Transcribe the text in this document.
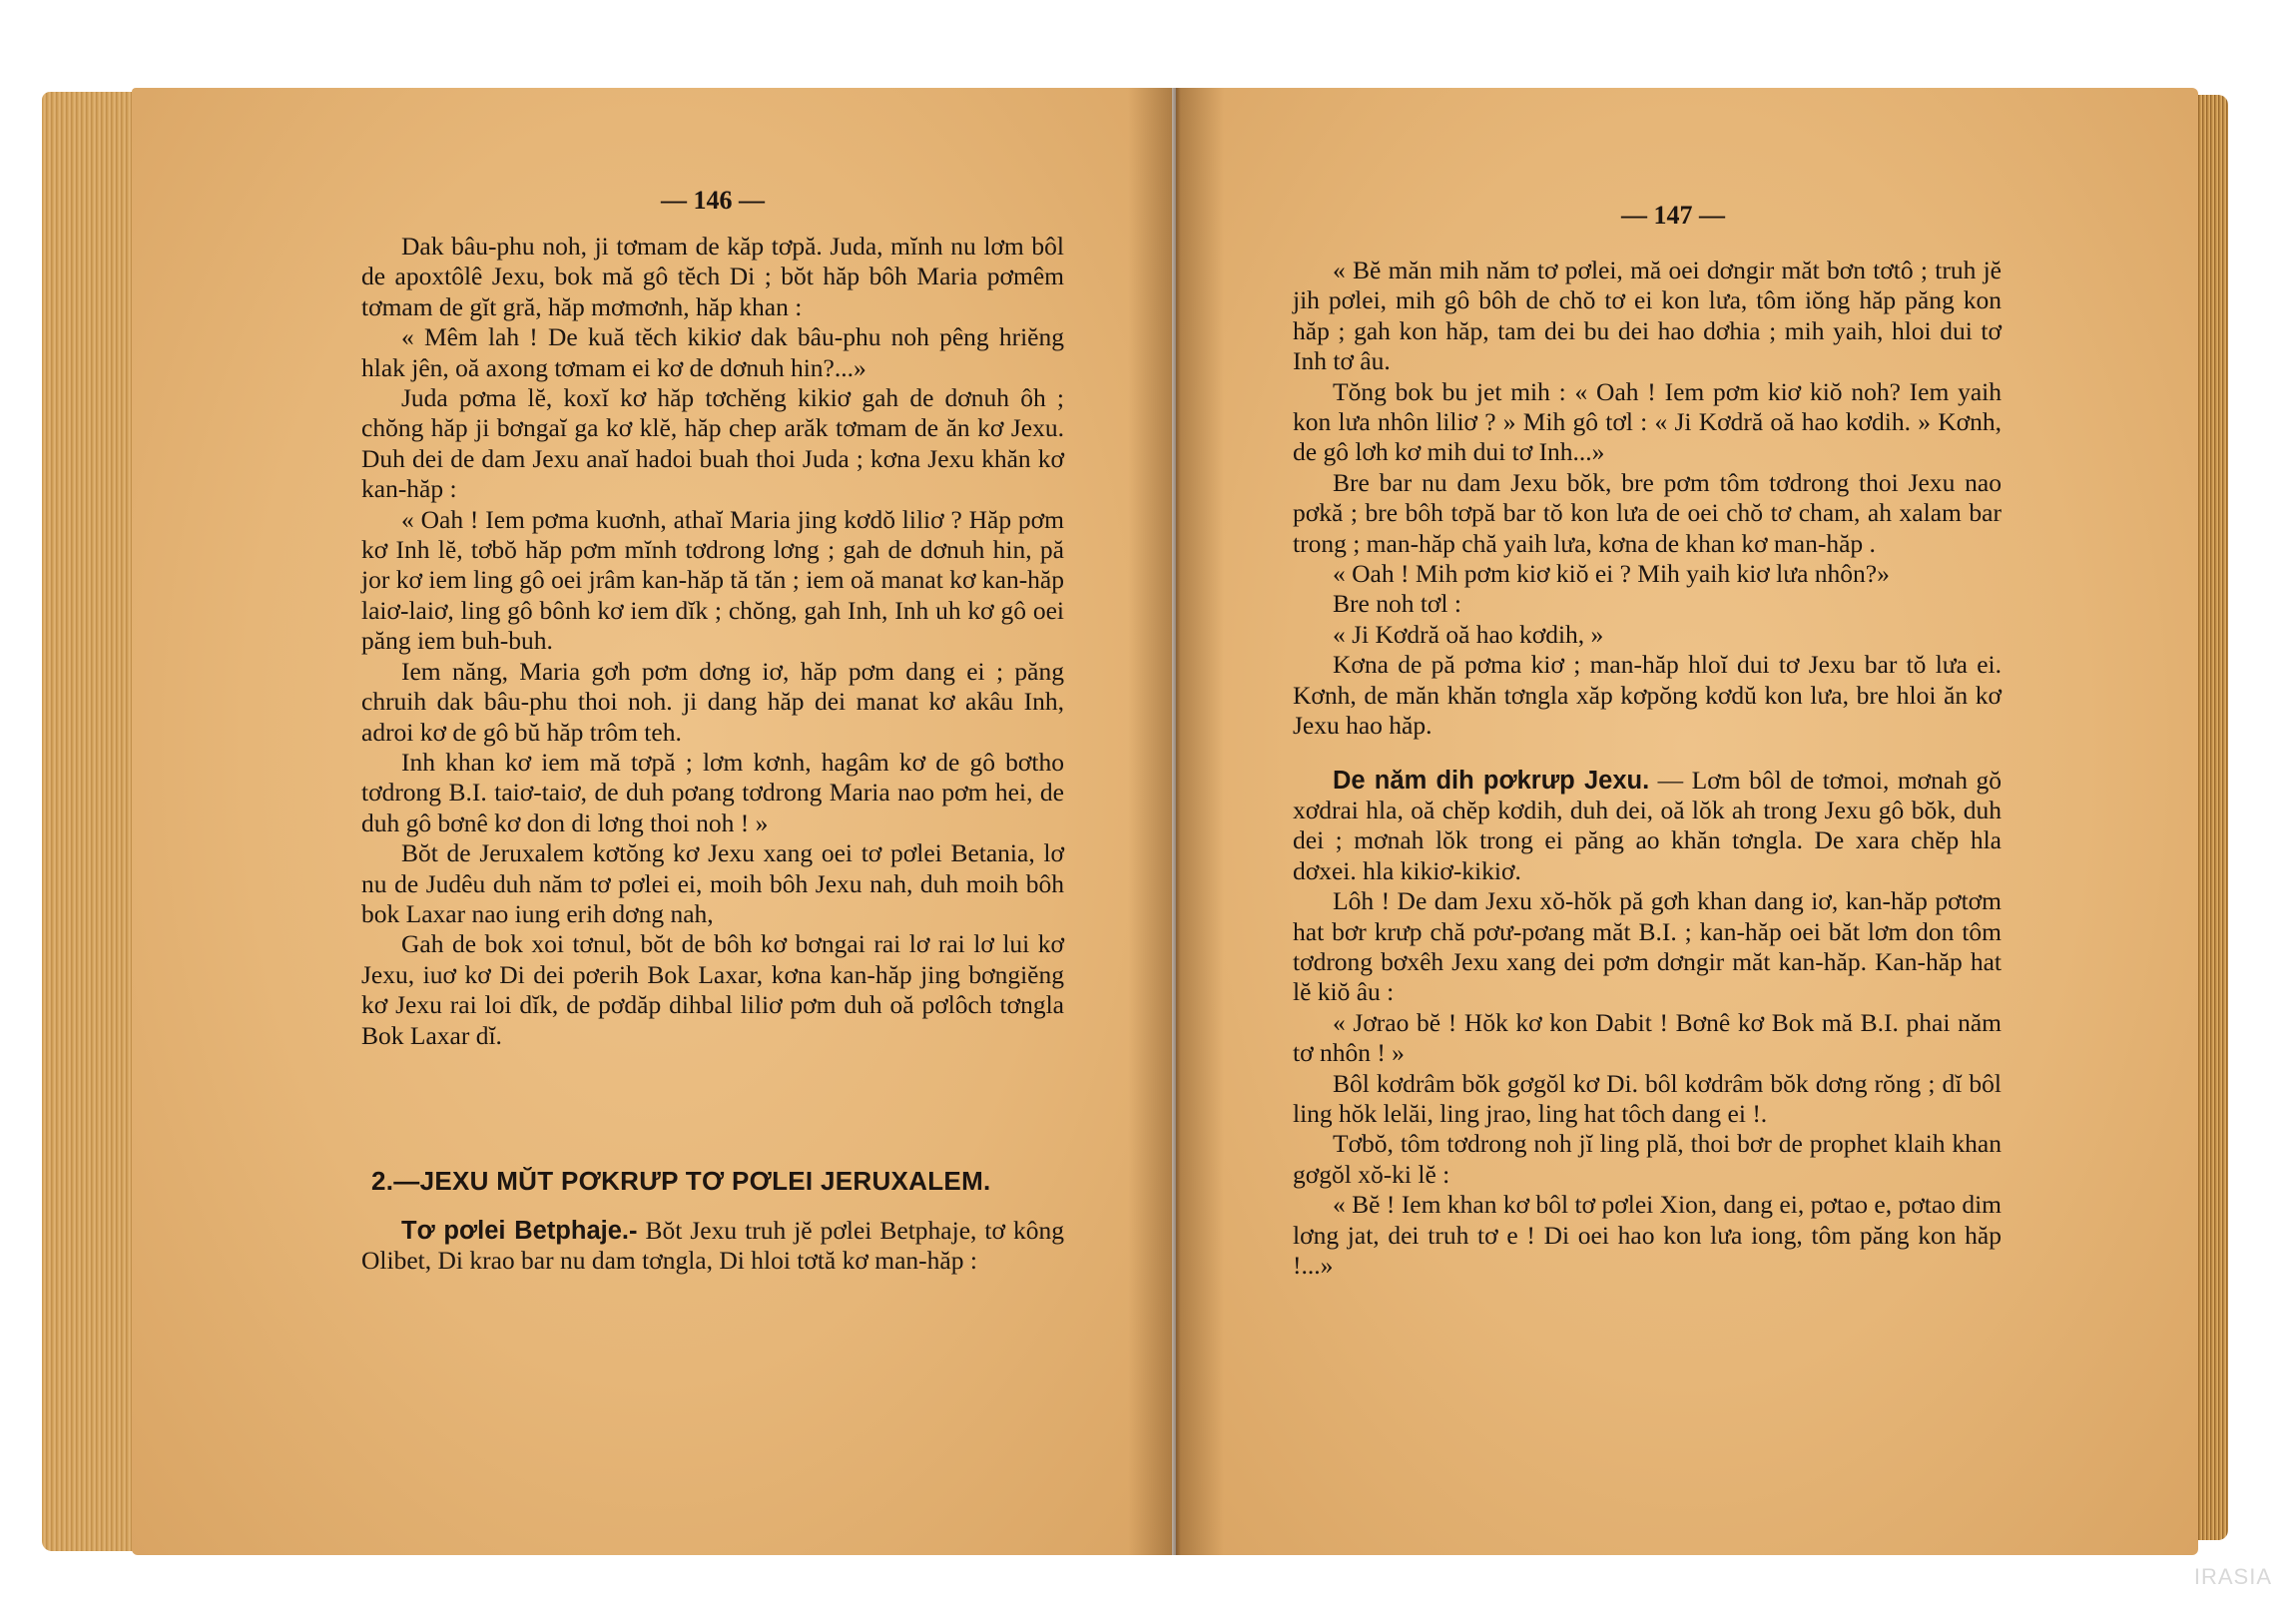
— 146 —

Dak bâu-phu noh, ji tơmam de kăp tơpă. Juda, mĭnh nu lơm bôl de apoxtôlê Jexu, bok mă gô tĕch Di ; bŏt hăp bôh Maria pơmêm tơmam de gĭt gră, hăp mơmơnh, hăp khan :

« Mêm lah ! De kuă tĕch kikiơ dak bâu-phu noh pêng hriĕng hlak jên, oă axong tơmam ei kơ de dơnuh hin?...»

Juda pơma lĕ, koxĭ kơ hăp tơchĕng kikiơ gah de dơnuh ôh ; chŏng hăp ji bơngaĭ ga kơ klĕ, hăp chep arăk tơmam de ăn kơ Jexu. Duh dei de dam Jexu anaĭ hadoi buah thoi Juda ; kơna Jexu khăn kơ kan-hăp :

« Oah ! Iem pơma kuơnh, athaĭ Maria jing kơdŏ liliơ ? Hăp pơm kơ Inh lĕ, tơbŏ hăp pơm mĭnh tơdrong lơng ; gah de dơnuh hin, pă jor kơ iem ling gô oei jrâm kan-hăp tă tăn ; iem oă manat kơ kan-hăp laiơ-laiơ, ling gô bônh kơ iem dĭk ; chŏng, gah Inh, Inh uh kơ gô oei păng iem buh-buh.

Iem năng, Maria gơh pơm dơng iơ, hăp pơm dang ei ; păng chruih dak bâu-phu thoi noh. ji dang hăp dei manat kơ akâu Inh, adroi kơ de gô bŭ hăp trôm teh.

Inh khan kơ iem mă tơpă ; lơm kơnh, hagâm kơ de gô bơtho tơdrong B.I. taiơ-taiơ, de duh pơang tơdrong Maria nao pơm hei, de duh gô bơnê kơ don di lơng thoi noh ! »

Bŏt de Jeruxalem kơtŏng kơ Jexu xang oei tơ pơlei Betania, lơ nu de Judêu duh năm tơ pơlei ei, moih bôh Jexu nah, duh moih bôh bok Laxar nao iung erih dơng nah,

Gah de bok xoi tơnul, bŏt de bôh kơ bơngai rai lơ rai lơ lui kơ Jexu, iuơ kơ Di dei pơerih Bok Laxar, kơna kan-hăp jing bơngiĕng kơ Jexu rai loi dĭk, de pơdăp dihbal liliơ pơm duh oă pơlôch tơngla Bok Laxar dĭ.

2.—JEXU MŬT PƠKRƯP TƠ PƠLEI JERUXALEM.

Tơ pơlei Betphaje.- Bŏt Jexu truh jĕ pơlei Betphaje, tơ kông Olibet, Di krao bar nu dam tơngla, Di hloi tơtă kơ man-hăp :

— 147 —

« Bĕ măn mih năm tơ pơlei, mă oei dơngir măt bơn tơtô ; truh jĕ jih pơlei, mih gô bôh de chŏ tơ ei kon lưa, tôm iŏng hăp păng kon hăp ; gah kon hăp, tam dei bu dei hao dơhia ; mih yaih, hloi dui tơ Inh tơ âu.

Tŏng bok bu jet mih : « Oah ! Iem pơm kiơ kiŏ noh? Iem yaih kon lưa nhôn liliơ ? » Mih gô tơl : « Ji Kơdră oă hao kơdih. » Kơnh, de gô lơh kơ mih dui tơ Inh...»

Bre bar nu dam Jexu bŏk, bre pơm tôm tơdrong thoi Jexu nao pơkă ; bre bôh tơpă bar tŏ kon lưa de oei chŏ tơ cham, ah xalam bar trong ; man-hăp chă yaih lưa, kơna de khan kơ man-hăp .

« Oah ! Mih pơm kiơ kiŏ ei ? Mih yaih kiơ lưa nhôn?»

Bre noh tơl :

« Ji Kơdră oă hao kơdih, »

Kơna de pă pơma kiơ ; man-hăp hloĭ dui tơ Jexu bar tŏ lưa ei. Kơnh, de măn khăn tơngla xăp kơpŏng kơdŭ kon lưa, bre hloi ăn kơ Jexu hao hăp.

De năm dih pơkrưp Jexu. — Lơm bôl de tơmoi, mơnah gŏ xơdrai hla, oă chĕp kơdih, duh dei, oă lŏk ah trong Jexu gô bŏk, duh dei ; mơnah lŏk trong ei păng ao khăn tơngla. De xara chĕp hla dơxei. hla kikiơ-kikiơ.

Lôh ! De dam Jexu xŏ-hŏk pă gơh khan dang iơ, kan-hăp pơtơm hat bơr krưp chă pơư-pơang măt B.I. ; kan-hăp oei băt lơm don tôm tơdrong bơxêh Jexu xang dei pơm dơngir măt kan-hăp. Kan-hăp hat lĕ kiŏ âu :

« Jơrao bĕ ! Hŏk kơ kon Dabit ! Bơnê kơ Bok mă B.I. phai năm tơ nhôn ! »

Bôl kơdrâm bŏk gơgŏl kơ Di. bôl kơdrâm bŏk dơng rŏng ; dĭ bôl ling hŏk lelăi, ling jrao, ling hat tôch dang ei !.

Tơbŏ, tôm tơdrong noh jĭ ling plă, thoi bơr de prophet klaih khan gơgŏl xŏ-ki lĕ :

« Bĕ ! Iem khan kơ bôl tơ pơlei Xion, dang ei, pơtao e, pơtao dim lơng jat, dei truh tơ e ! Di oei hao kon lưa iong, tôm păng kon hăp !...»

IRASIA
